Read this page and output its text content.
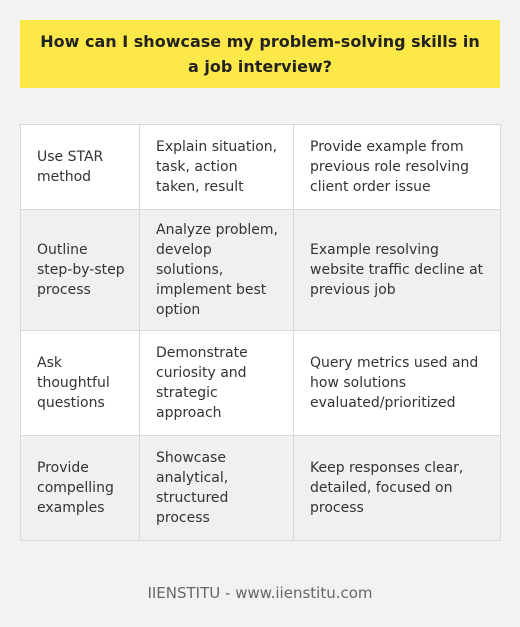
How can I showcase my problem-solving skills in a job interview?
Use STAR method	Explain situation, task, action taken, result	Provide example from previous role resolving client order issue
Outline step-by-step process	Analyze problem, develop solutions, implement best option	Example resolving website traffic decline at previous job
Ask thoughtful questions	Demonstrate curiosity and strategic approach	Query metrics used and how solutions evaluated/prioritized
Provide compelling examples	Showcase analytical, structured process	Keep responses clear, detailed, focused on process
IIENSTITU - www.iienstitu.com
